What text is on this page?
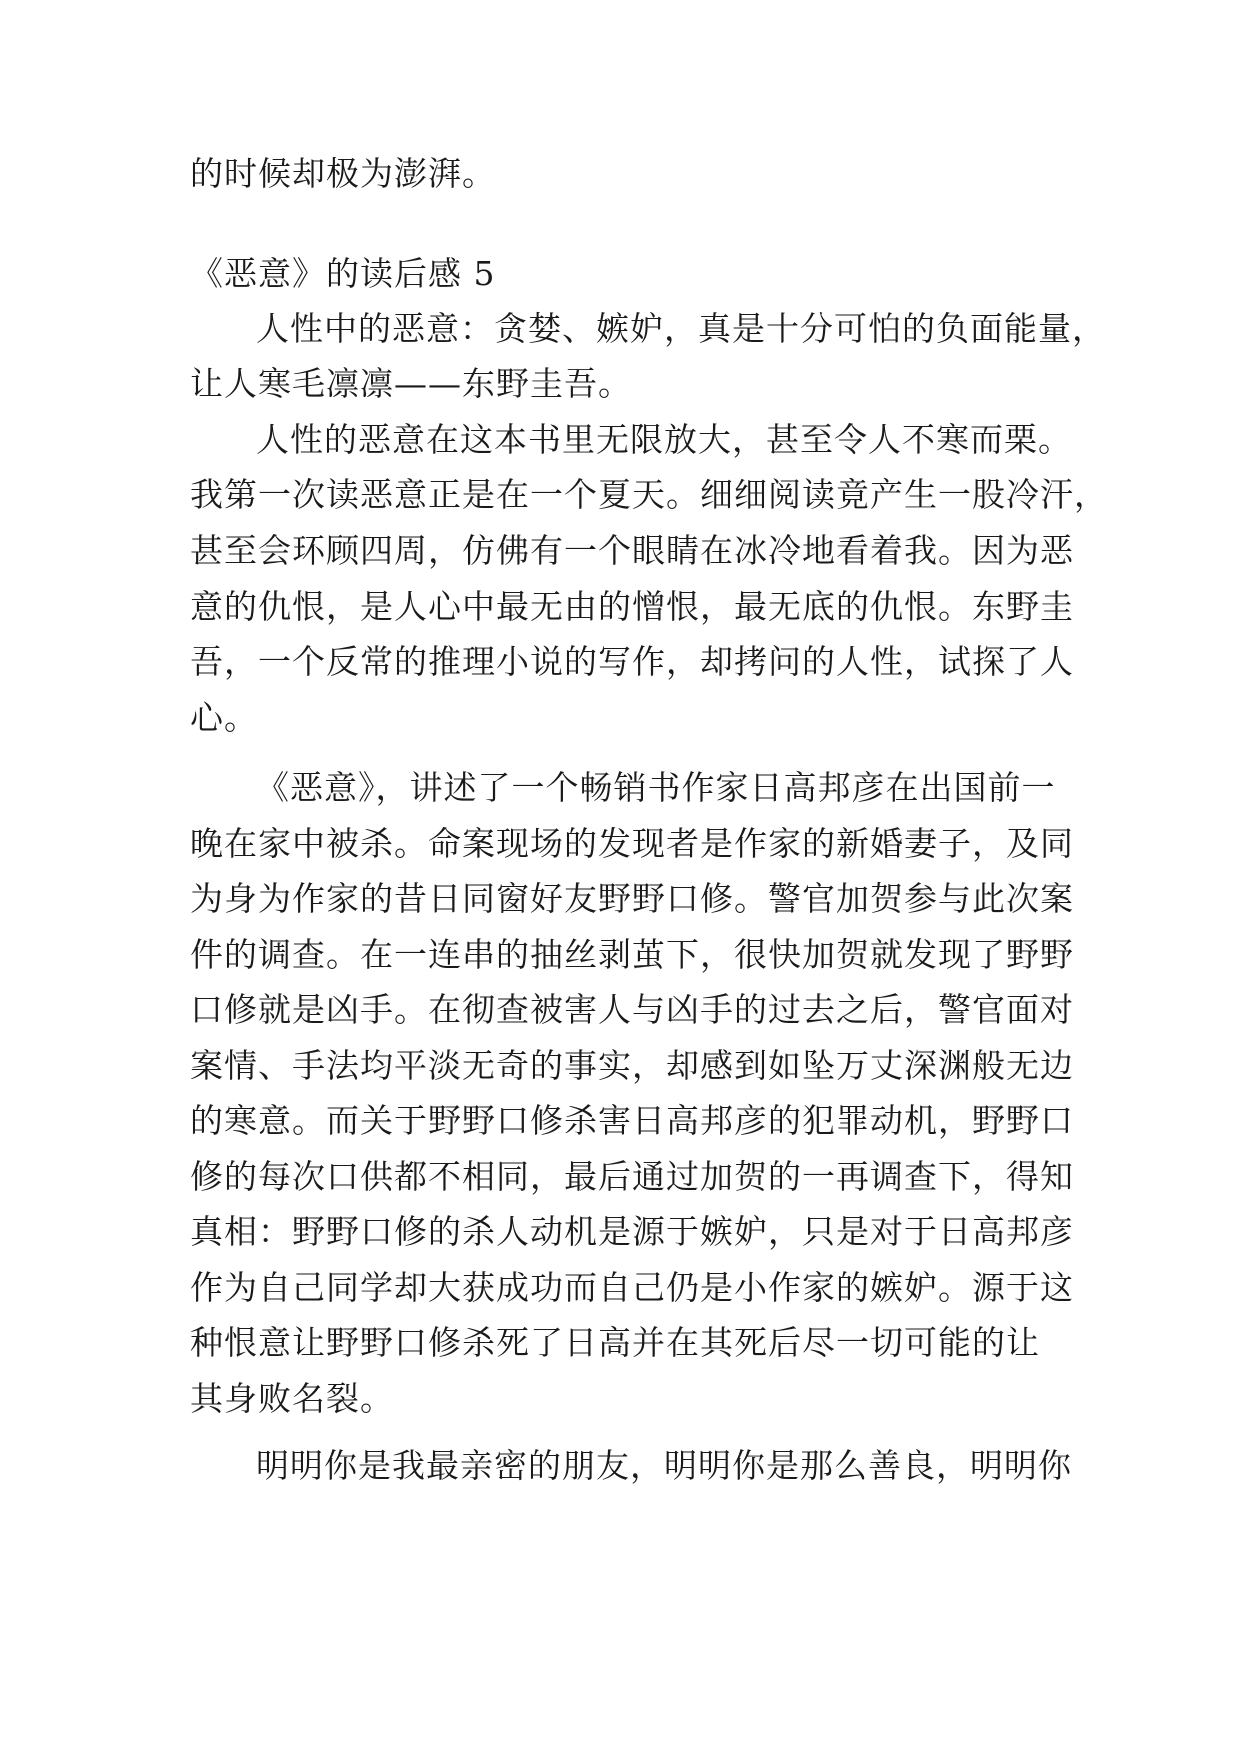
的时候却极为澎湃。
《恶意》的读后感 5
人性中的恶意：贪婪、嫉妒，真是十分可怕的负面能量，
让人寒毛凛凛——东野圭吾。
人性的恶意在这本书里无限放大，甚至令人不寒而栗。
我第一次读恶意正是在一个夏天。细细阅读竟产生一股冷汗，
甚至会环顾四周，仿佛有一个眼睛在冰冷地看着我。因为恶
意的仇恨，是人心中最无由的憎恨，最无底的仇恨。东野圭
吾，一个反常的推理小说的写作，却拷问的人性，试探了人
心。
《恶意》，讲述了一个畅销书作家日高邦彦在出国前一
晚在家中被杀。命案现场的发现者是作家的新婚妻子，及同
为身为作家的昔日同窗好友野野口修。警官加贺参与此次案
件的调查。在一连串的抽丝剥茧下，很快加贺就发现了野野
口修就是凶手。在彻查被害人与凶手的过去之后，警官面对
案情、手法均平淡无奇的事实，却感到如坠万丈深渊般无边
的寒意。而关于野野口修杀害日高邦彦的犯罪动机，野野口
修的每次口供都不相同，最后通过加贺的一再调查下，得知
真相：野野口修的杀人动机是源于嫉妒，只是对于日高邦彦
作为自己同学却大获成功而自己仍是小作家的嫉妒。源于这
种恨意让野野口修杀死了日高并在其死后尽一切可能的让
其身败名裂。
明明你是我最亲密的朋友，明明你是那么善良，明明你
